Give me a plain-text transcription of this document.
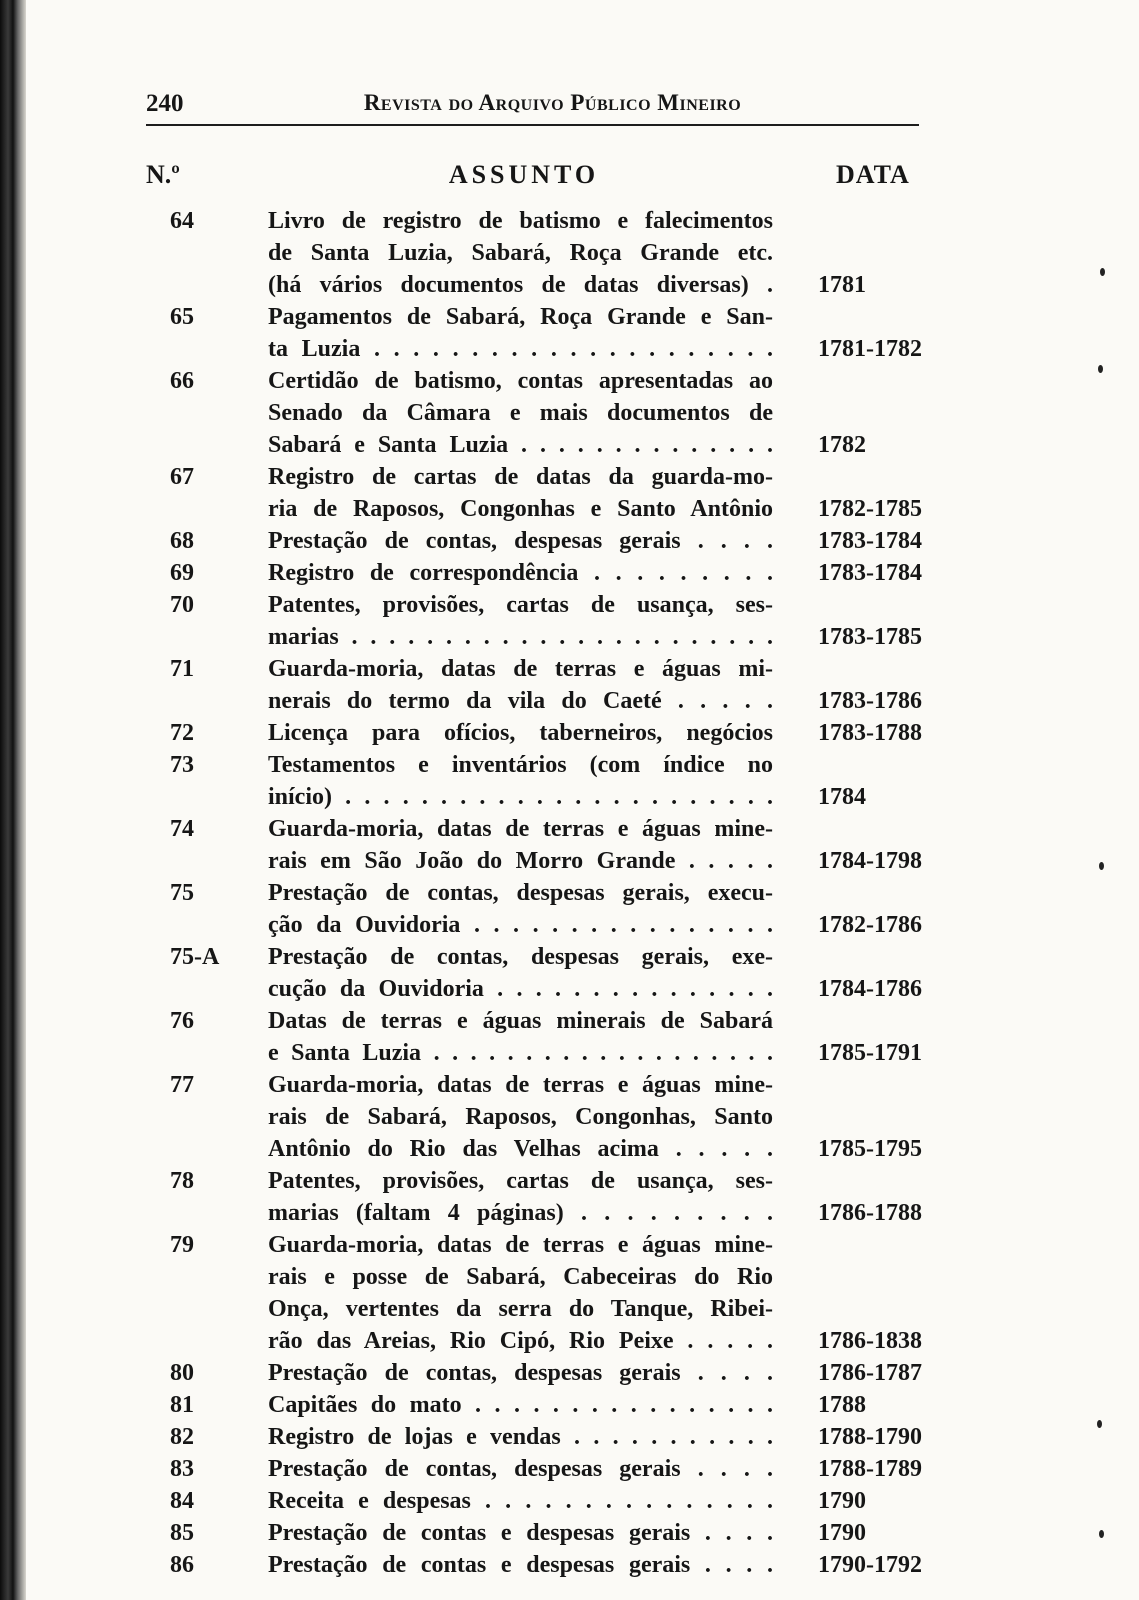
240	Revista do Arquivo Público Mineiro
N.º	ASSUNTO	DATA
64	Livro de registro de batismo e falecimentos
de Santa Luzia, Sabará, Roça Grande etc.
(há vários documentos de datas diversas) . 1781
65	Pagamentos de Sabará, Roça Grande e San-
ta Luzia . . . . . . . . . . . . . . . . . . . . . 1781-1782
66	Certidão de batismo, contas apresentadas ao
Senado da Câmara e mais documentos de
Sabará e Santa Luzia . . . . . . . . . . . . . . 1782
67	Registro de cartas de datas da guarda-mo-
ria de Raposos, Congonhas e Santo Antônio 1782-1785
68	Prestação de contas, despesas gerais . . . . 1783-1784
69	Registro de correspondência . . . . . . . . . 1783-1784
70	Patentes, provisões, cartas de usança, ses-
marias . . . . . . . . . . . . . . . . . . . . . . . 1783-1785
71	Guarda-moria, datas de terras e águas mi-
nerais do termo da vila do Caeté . . . . . 1783-1786
72	Licença para ofícios, taberneiros, negócios 1783-1788
73	Testamentos e inventários (com índice no
início) . . . . . . . . . . . . . . . . . . . . . . . 1784
74	Guarda-moria, datas de terras e águas mine-
rais em São João do Morro Grande . . . . . 1784-1798
75	Prestação de contas, despesas gerais, execu-
ção da Ouvidoria . . . . . . . . . . . . . . . . 1782-1786
75-A Prestação de contas, despesas gerais, exe-
cução da Ouvidoria . . . . . . . . . . . . . . . 1784-1786
76	Datas de terras e águas minerais de Sabará
e Santa Luzia . . . . . . . . . . . . . . . . . . . 1785-1791
77	Guarda-moria, datas de terras e águas mine-
rais de Sabará, Raposos, Congonhas, Santo
Antônio do Rio das Velhas acima . . . . . 1785-1795
78	Patentes, provisões, cartas de usança, ses-
marias (faltam 4 páginas) . . . . . . . . . 1786-1788
79	Guarda-moria, datas de terras e águas mine-
rais e posse de Sabará, Cabeceiras do Rio
Onça, vertentes da serra do Tanque, Ribei-
rão das Areias, Rio Cipó, Rio Peixe . . . . . 1786-1838
80	Prestação de contas, despesas gerais . . . . 1786-1787
81	Capitães do mato . . . . . . . . . . . . . . . . 1788
82	Registro de lojas e vendas . . . . . . . . . . . 1788-1790
83	Prestação de contas, despesas gerais . . . . 1788-1789
84	Receita e despesas . . . . . . . . . . . . . . . 1790
85	Prestação de contas e despesas gerais . . . . 1790
86	Prestação de contas e despesas gerais . . . . 1790-1792
